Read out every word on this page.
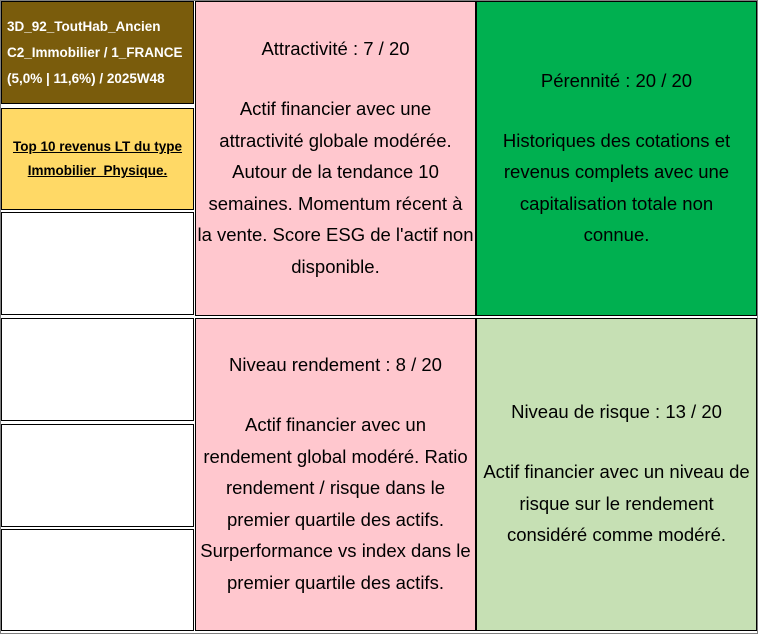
3D_92_ToutHab_Ancien
C2_Immobilier / 1_FRANCE
(5,0% | 11,6%) / 2025W48
Top 10 revenus LT du type
Immobilier_Physique.
Attractivité : 7 / 20
Actif financier avec une
attractivité globale modérée.
Autour de la tendance 10
semaines. Momentum récent à
la vente. Score ESG de l'actif non
disponible.
Pérennité : 20 / 20
Historiques des cotations et
revenus complets avec une
capitalisation totale non
connue.
Niveau rendement : 8 / 20
Actif financier avec un
rendement global modéré. Ratio
rendement / risque dans le
premier quartile des actifs.
Surperformance vs index dans le
premier quartile des actifs.
Niveau de risque : 13 / 20
Actif financier avec un niveau de
risque sur le rendement
considéré comme modéré.
